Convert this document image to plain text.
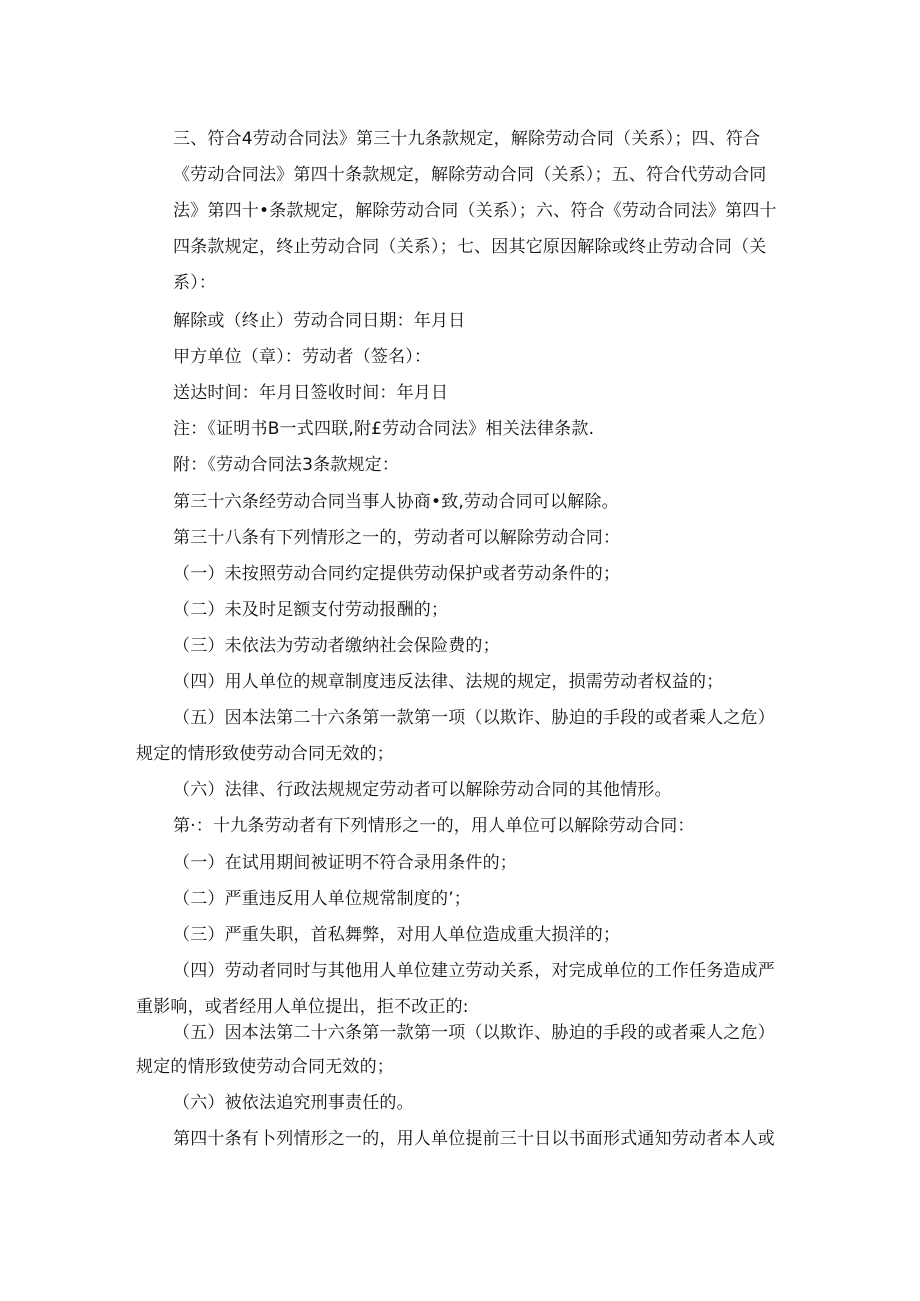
三、符合4劳动合同法》第三十九条款规定，解除劳动合同（关系）；四、符合

《劳动合同法》第四十条款规定，解除劳动合同（关系）；五、符合代劳动合同

法》第四十•条款规定，解除劳动合同（关系）；六、符合《劳动合同法》第四十

四条款规定，终止劳动合同（关系）；七、因其它原因解除或终止劳动合同（关

系）：

解除或（终止）劳动合同日期：年月日

甲方单位（章）：劳动者（签名）：

送达时间：年月日签收时间：年月日

注：《证明书B一式四联,附£劳动合同法》相关法律条款.

附：《劳动合同法3条款规定：

第三十六条经劳动合同当事人协商•致,劳动合同可以解除。

第三十八条有下列情形之一的，劳动者可以解除劳动合同：

（一）未按照劳动合同约定提供劳动保护或者劳动条件的；

（二）未及时足额支付劳动报酬的；

（三）未依法为劳动者缴纳社会保险费的；

（四）用人单位的规章制度违反法律、法规的规定，损需劳动者权益的；

（五）因本法第二十六条第一款第一项（以欺诈、胁迫的手段的或者乘人之危）

规定的情形致使劳动合同无效的；

（六）法律、行政法规规定劳动者可以解除劳动合同的其他情形。

第·：十九条劳动者有下列情形之一的，用人单位可以解除劳动合同：

（一）在试用期间被证明不符合录用条件的；

（二）严重违反用人单位规常制度的’；

（三）严重失职，首私舞弊，对用人单位造成重大损洋的；

（四）劳动者同时与其他用人单位建立劳动关系，对完成单位的工作任务造成严

重影响，或者经用人单位提出，拒不改正的:

（五）因本法第二十六条第一款第一项（以欺诈、胁迫的手段的或者乘人之危）

规定的情形致使劳动合同无效的；

（六）被依法追究刑事责任的。

第四十条有卜列情形之一的，用人单位提前三十日以书面形式通知劳动者本人或
